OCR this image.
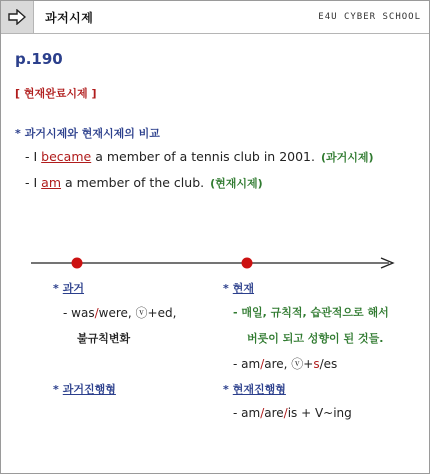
과저시제	E4U CYBER SCHOOL
p.190
[ 현재완료시제 ]
* 과거시제와 현재시제의 비교
- I became a member of a tennis club in 2001. (과거시제)
- I am a member of the club. (현재시제)
* 과거
- was/were, ⓥ+ed,
불규칙변화
* 과거진행형
* 현재
- 매일, 규칙적, 습관적으로 해서
버릇이 되고 성향이 된 것들.
- am/are, ⓥ+s/es
* 현재진행형
- am/are/is + V~ing
